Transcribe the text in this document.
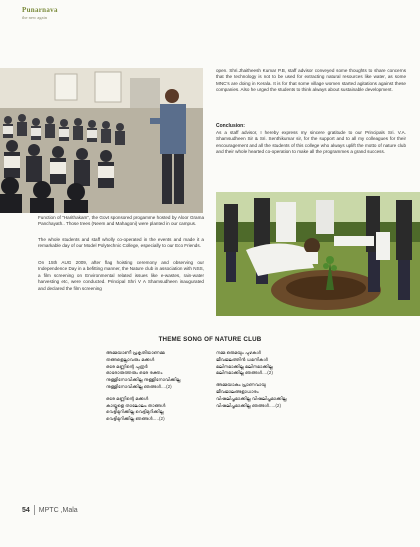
Punarnava
the new again
open. Shri.Jhaitheesh Kumar P.B, staff advisor conveyed some thoughts to share concerns that the technology is not to be used for extracting natural resources like water, as some MNC's are doing in Kerala. It is for that some village women started agitations against these companies. Also he urged the students to think always about sustainable development.
Conclusion:
As a staff advisor, I hereby express my sincere gratitude to our Principals Sri. V.A. Shamsudheen Sir & Sri. Senthikumar sir, for the support and to all my colleagues for their encouragement and all the students of this college who always uplift the motto of nature club and their whole hearted co-operation to make all the programmes a grand success.
Function of "Harithakam", the Govt sponsored progamme hosted by Aloor Grama Panchayath.. Those trees (Neem and Mahagoni) were planted in our campus.
The whole students and staff wholly co-operated in the events and made it a remarkable day of our Model Polytechnic College, especially to our Eco Friends.
On 15th AUG 2009, after flag hoisting ceremony and observing our Independence Day in a befitting manner, the Nature club in association with NSS, a film screening on Environmental related issues like e-wastes, rain-water harvesting etc, were conducted. Principal Shri V A Shamsudheen inaugurated and declared the film screening
THEME SONG OF NATURE CLUB
അമ്മയാണീ പ്രകൃതിയാണമ്മ
തങ്ങളെല്ലാവരും മക്കൾ
ഒരേ മണ്ണിന്റെ പുത്രർ
ഓരോരുത്തരും ഒരേ രക്തം
നുള്ളിനോവിക്കില്ല നുള്ളിനോവിക്കില്ല
നുള്ളിനോവിക്കില്ല ഞങ്ങൾ....(2)
ഒരേ മണ്ണിന്റെ മക്കൾ
കായ്കളെ താലോലം താങ്ങൾ
വെട്ടിമുറിക്കില്ല വെട്ടിമുറിക്കില്ല
വെട്ടിമുറിക്കില്ല ഞങ്ങൾ.....(2)
നമ്മ ഒരുമയും പുഴകൾ
ജീവജലത്തിൻ ധമനികൾ
മലിനമാക്കില്ല മലിനമാക്കില്ല
മലിനമാക്കില്ല ഞങ്ങൾ....(2)
അമ്മയാകും പ്രാണവായു
ജീവജാലങ്ങളാധാരം
വിഷലിപ്തമാക്കില്ല വിഷലിപ്തമാക്കില്ല
വിഷലിപ്തമാക്കില്ല ഞങ്ങൾ.....(2)
54 MPTC ,Mala
